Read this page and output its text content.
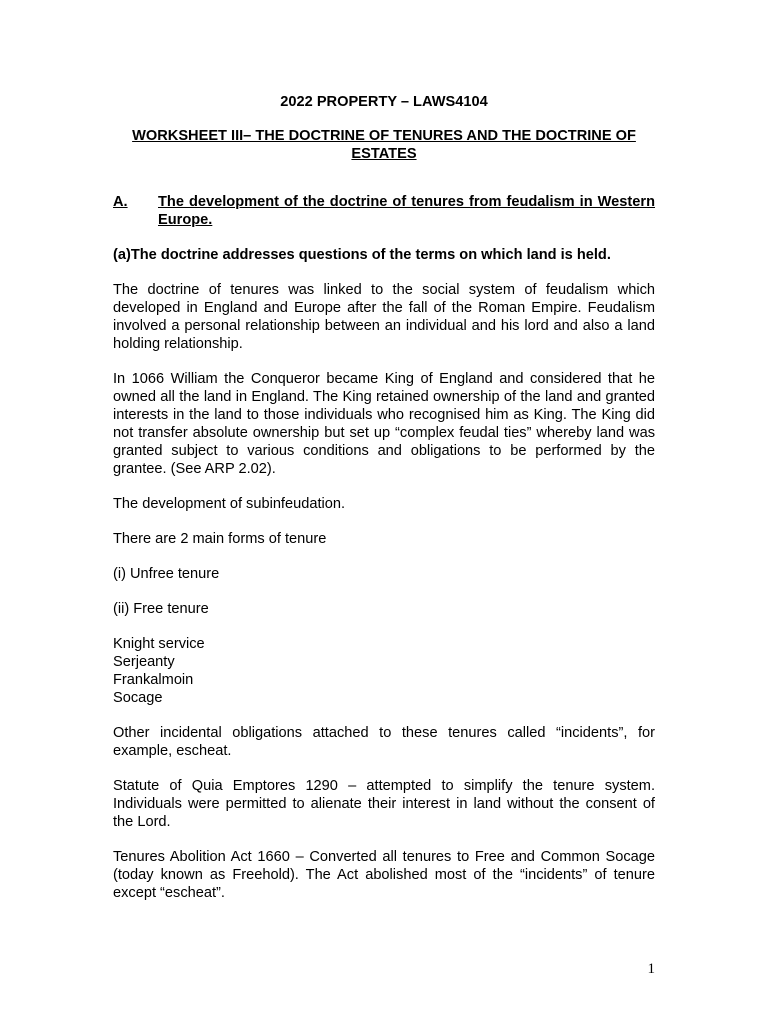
2022 PROPERTY – LAWS4104
WORKSHEET III– THE DOCTRINE OF TENURES AND THE DOCTRINE OF ESTATES
A.	The development of the doctrine of tenures from feudalism in Western Europe.
(a)The doctrine addresses questions of the terms on which land is held.

The doctrine of tenures was linked to the social system of feudalism which developed in England and Europe after the fall of the Roman Empire. Feudalism involved a personal relationship between an individual and his lord and also a land holding relationship.

In 1066 William the Conqueror became King of England and considered that he owned all the land in England. The King retained ownership of the land and granted interests in the land to those individuals who recognised him as King. The King did not transfer absolute ownership but set up “complex feudal ties” whereby land was granted subject to various conditions and obligations to be performed by the grantee. (See ARP 2.02).

The development of subinfeudation.

There are 2 main forms of tenure

(i) Unfree tenure

(ii) Free tenure

Knight service
Serjeanty
Frankalmoin
Socage

Other incidental obligations attached to these tenures called “incidents”, for example, escheat.

Statute of Quia Emptores 1290 – attempted to simplify the tenure system. Individuals were permitted to alienate their interest in land without the consent of the Lord.

Tenures Abolition Act 1660 – Converted all tenures to Free and Common Socage (today known as Freehold). The Act abolished most of the “incidents” of tenure except “escheat”.

1
